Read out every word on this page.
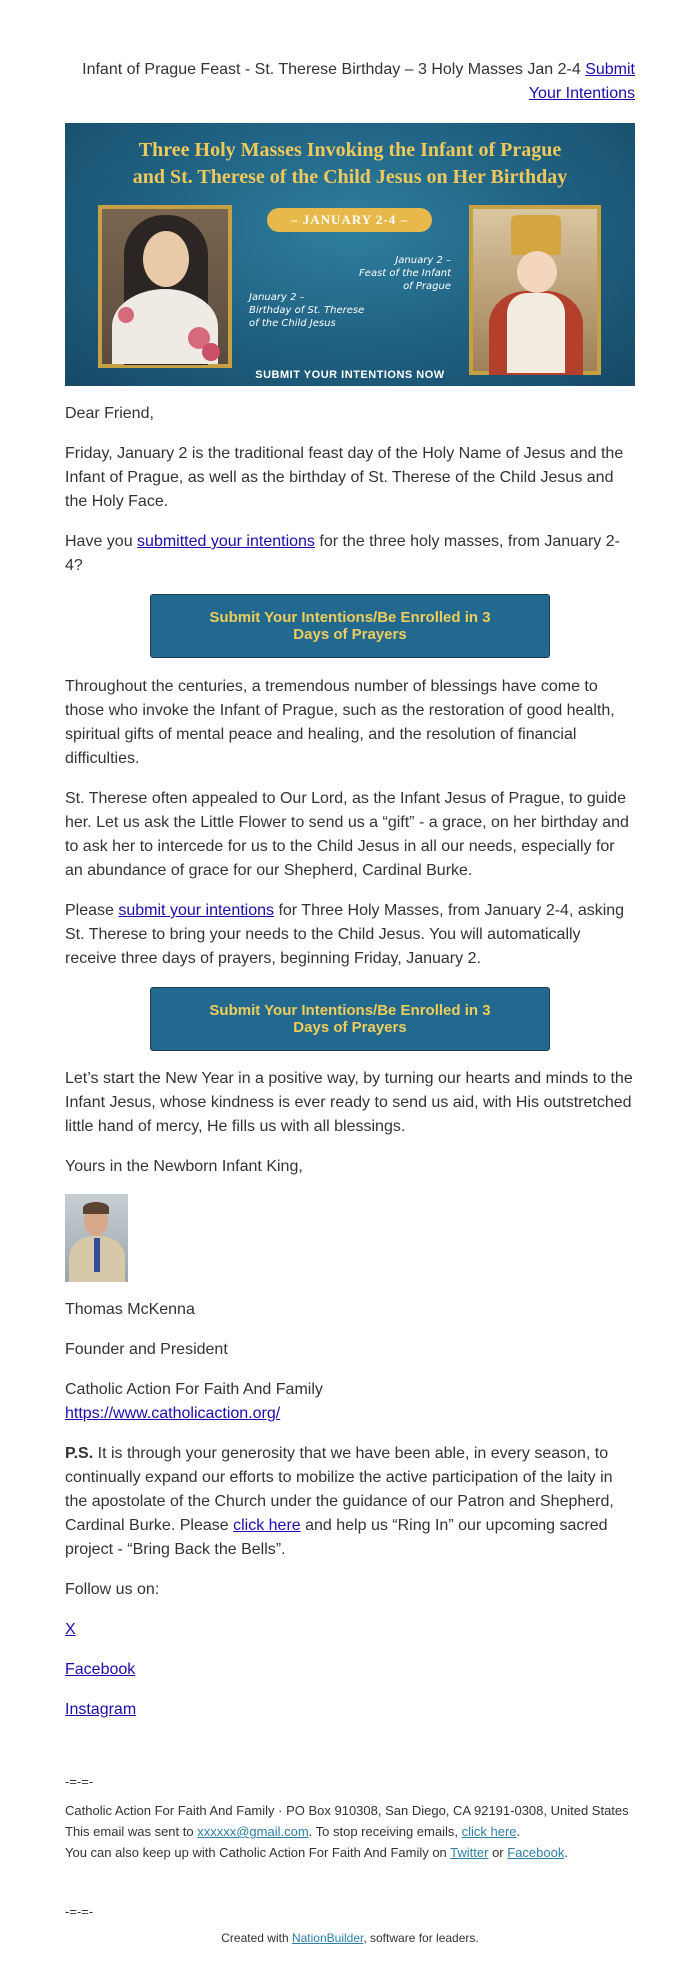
Infant of Prague Feast - St. Therese Birthday – 3 Holy Masses Jan 2-4 Submit Your Intentions
Three Holy Masses Invoking the Infant of Prague
and St. Therese of the Child Jesus on Her Birthday
– JANUARY 2-4 –
January 2 –
Birthday of St. Therese
of the Child Jesus
January 2 –
Feast of the Infant
of Prague
SUBMIT YOUR INTENTIONS NOW
Dear Friend,
Friday, January 2 is the traditional feast day of the Holy Name of Jesus and the Infant of Prague, as well as the birthday of St. Therese of the Child Jesus and the Holy Face.
Have you submitted your intentions for the three holy masses, from January 2-4?
Submit Your Intentions/Be Enrolled in 3
Days of Prayers
Throughout the centuries, a tremendous number of blessings have come to those who invoke the Infant of Prague, such as the restoration of good health, spiritual gifts of mental peace and healing, and the resolution of financial difficulties.
St. Therese often appealed to Our Lord, as the Infant Jesus of Prague, to guide her. Let us ask the Little Flower to send us a “gift” - a grace, on her birthday and to ask her to intercede for us to the Child Jesus in all our needs, especially for an abundance of grace for our Shepherd, Cardinal Burke.
Please submit your intentions for Three Holy Masses, from January 2-4, asking St. Therese to bring your needs to the Child Jesus. You will automatically receive three days of prayers, beginning Friday, January 2.
Submit Your Intentions/Be Enrolled in 3
Days of Prayers
Let’s start the New Year in a positive way, by turning our hearts and minds to the Infant Jesus, whose kindness is ever ready to send us aid, with His outstretched little hand of mercy, He fills us with all blessings.
Yours in the Newborn Infant King,
Thomas McKenna
Founder and President
Catholic Action For Faith And Family
https://www.catholicaction.org/
P.S. It is through your generosity that we have been able, in every season, to continually expand our efforts to mobilize the active participation of the laity in the apostolate of the Church under the guidance of our Patron and Shepherd, Cardinal Burke. Please click here and help us “Ring In” our upcoming sacred project - “Bring Back the Bells”.
Follow us on:
X
Facebook
Instagram
-=-=-
Catholic Action For Faith And Family · PO Box 910308, San Diego, CA 92191-0308, United States
This email was sent to xxxxxx@gmail.com. To stop receiving emails, click here.
You can also keep up with Catholic Action For Faith And Family on Twitter or Facebook.
-=-=-
Created with NationBuilder, software for leaders.
